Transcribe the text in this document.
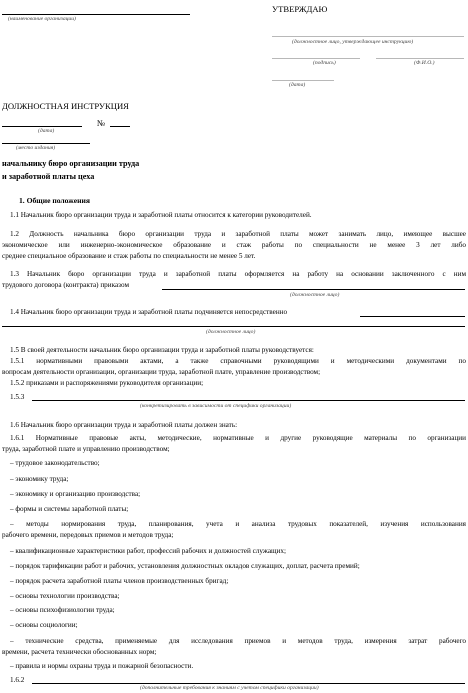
(наименование организации)
УТВЕРЖДАЮ
(должностное лицо, утверждающее инструкцию)
(подпись)	(Ф.И.О.)
(дата)
ДОЛЖНОСТНАЯ ИНСТРУКЦИЯ
№
(дата)
(место издания)
начальнику бюро организации труда
и заработной платы цеха
1. Общие положения
1.1 Начальник бюро организации труда и заработной платы относится к категории руководителей.
1.2 Должность начальника бюро организации труда и заработной платы может занимать лицо, имеющее высшее
экономическое или инженерно-экономическое образование и стаж работы по специальности не менее 3 лет либо
среднее специальное образование и стаж работы по специальности не менее 5 лет.
1.3 Начальник бюро организации труда и заработной платы оформляется на работу на основании заключенного с ним
трудового договора (контракта) приказом
(должностное лицо)
1.4 Начальник бюро организации труда и заработной платы подчиняется непосредственно
(должностное лицо)
1.5 В своей деятельности начальник бюро организации труда и заработной платы руководствуется:
1.5.1 нормативными правовыми актами, а также справочными руководящими и методическими документами по
вопросам деятельности организации, организации труда, заработной плате, управление производством;
1.5.2 приказами и распоряжениями руководителя организации;
1.5.3
(конкретизировать в зависимости от специфики организации)
1.6 Начальник бюро организации труда и заработной платы должен знать:
1.6.1 Нормативные правовые акты, методические, нормативные и другие руководящие материалы по организации
труда, заработной плате и управлению производством;
– трудовое законодательство;
– экономику труда;
– экономику и организацию производства;
– формы и системы заработной платы;
– методы нормирования труда, планирования, учета и анализа трудовых показателей, изучения использования
рабочего времени, передовых приемов и методов труда;
– квалификационные характеристики работ, профессий рабочих и должностей служащих;
– порядок тарификации работ и рабочих, установления должностных окладов служащих, доплат, расчета премий;
– порядок расчета заработной платы членов производственных бригад;
– основы технологии производства;
– основы психофизиологии труда;
– основы социологии;
– технические средства, применяемые для исследования приемов и методов труда, измерения затрат рабочего
времени, расчета технически обоснованных норм;
– правила и нормы охраны труда и пожарной безопасности.
1.6.2
(дополнительные требования к знаниям с учетом специфики организации)
